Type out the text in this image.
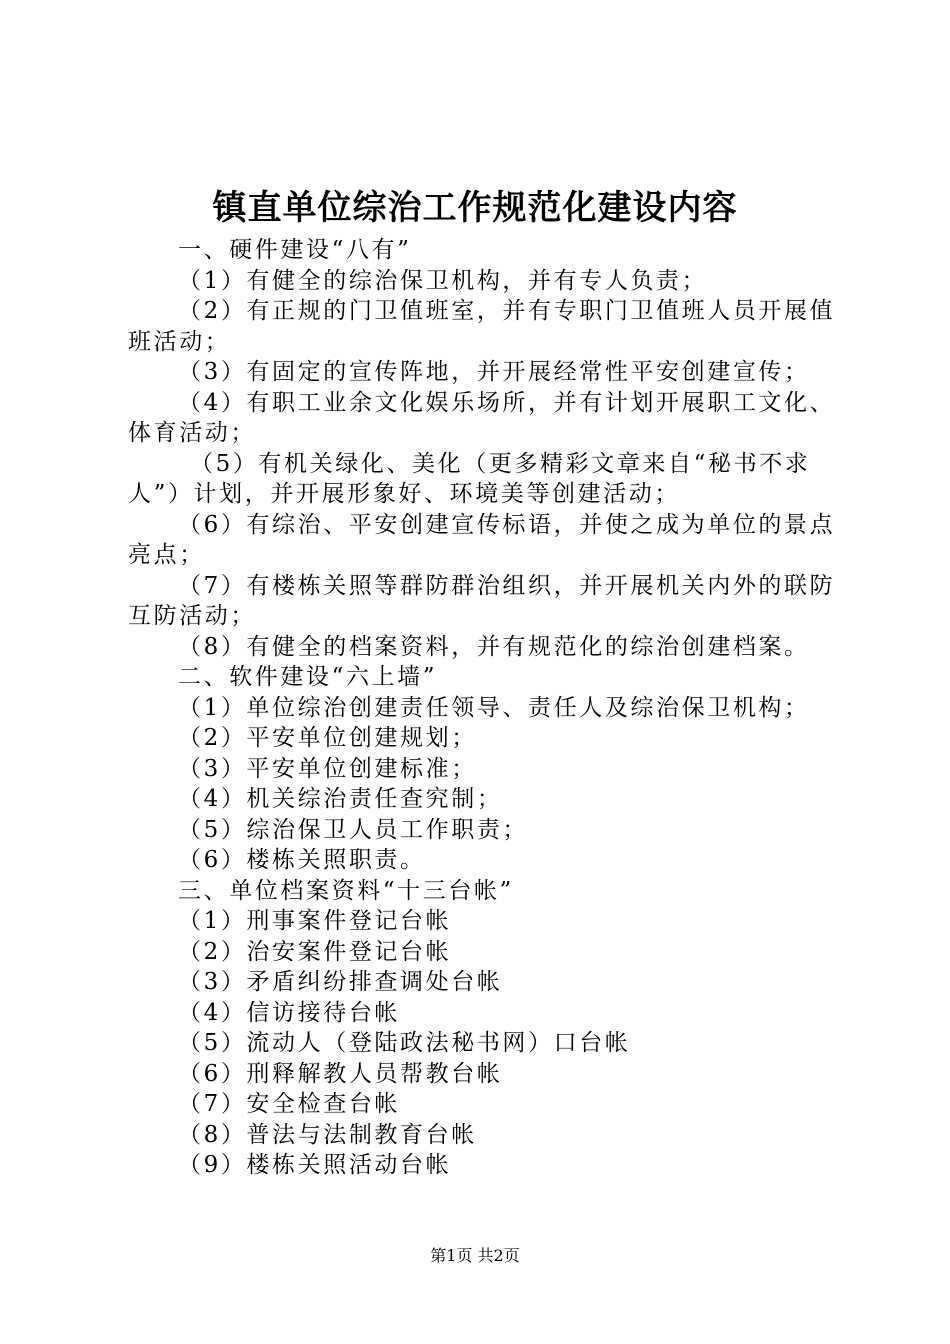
镇直单位综治工作规范化建设内容
一、硬件建设“八有”
（1）有健全的综治保卫机构，并有专人负责；
（2）有正规的门卫值班室，并有专职门卫值班人员开展值
班活动；
（3）有固定的宣传阵地，并开展经常性平安创建宣传；
（4）有职工业余文化娱乐场所，并有计划开展职工文化、
体育活动；
（5）有机关绿化、美化（更多精彩文章来自“秘书不求
人”）计划，并开展形象好、环境美等创建活动；
（6）有综治、平安创建宣传标语，并使之成为单位的景点
亮点；
（7）有楼栋关照等群防群治组织，并开展机关内外的联防
互防活动；
（8）有健全的档案资料，并有规范化的综治创建档案。
二、软件建设“六上墙”
（1）单位综治创建责任领导、责任人及综治保卫机构；
（2）平安单位创建规划；
（3）平安单位创建标准；
（4）机关综治责任查究制；
（5）综治保卫人员工作职责；
（6）楼栋关照职责。
三、单位档案资料“十三台帐”
（1）刑事案件登记台帐
（2）治安案件登记台帐
（3）矛盾纠纷排查调处台帐
（4）信访接待台帐
（5）流动人（登陆政法秘书网）口台帐
（6）刑释解教人员帮教台帐
（7）安全检查台帐
（8）普法与法制教育台帐
（9）楼栋关照活动台帐
第1页 共2页
